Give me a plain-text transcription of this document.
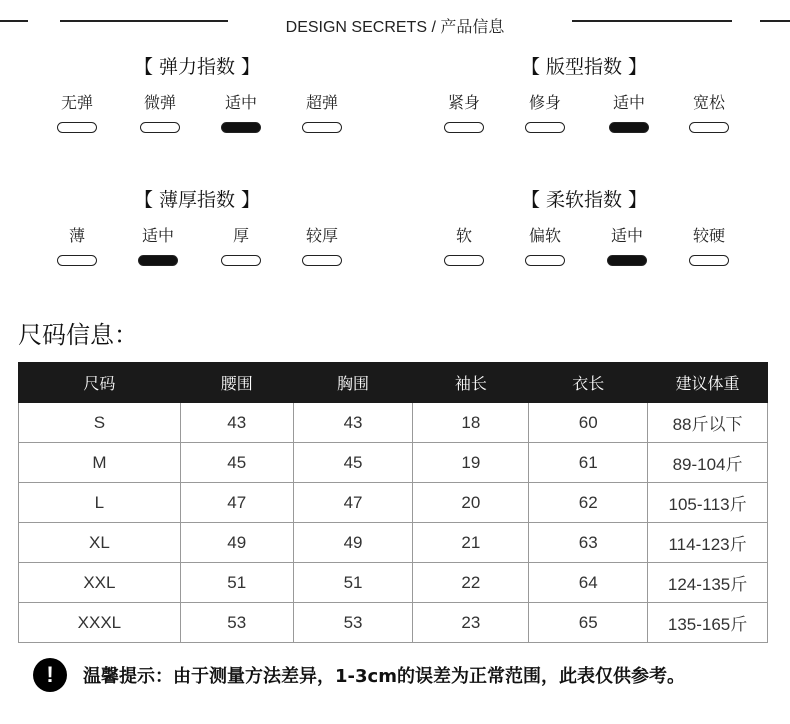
DESIGN SECRETS / 产品信息
【 弹力指数 】
无弹	微弹	适中	超弹
【 版型指数 】
紧身	修身	适中	宽松
【 薄厚指数 】
薄	适中	厚	较厚
【 柔软指数 】
软	偏软	适中	较硬
尺码信息：
尺码	腰围	胸围	袖长	衣长	建议体重
S	43	43	18	60	88斤以下
M	45	45	19	61	89-104斤
L	47	47	20	62	105-113斤
XL	49	49	21	63	114-123斤
XXL	51	51	22	64	124-135斤
XXXL	53	53	23	65	135-165斤
!	温馨提示：由于测量方法差异，1-3cm的误差为正常范围，此表仅供参考。
